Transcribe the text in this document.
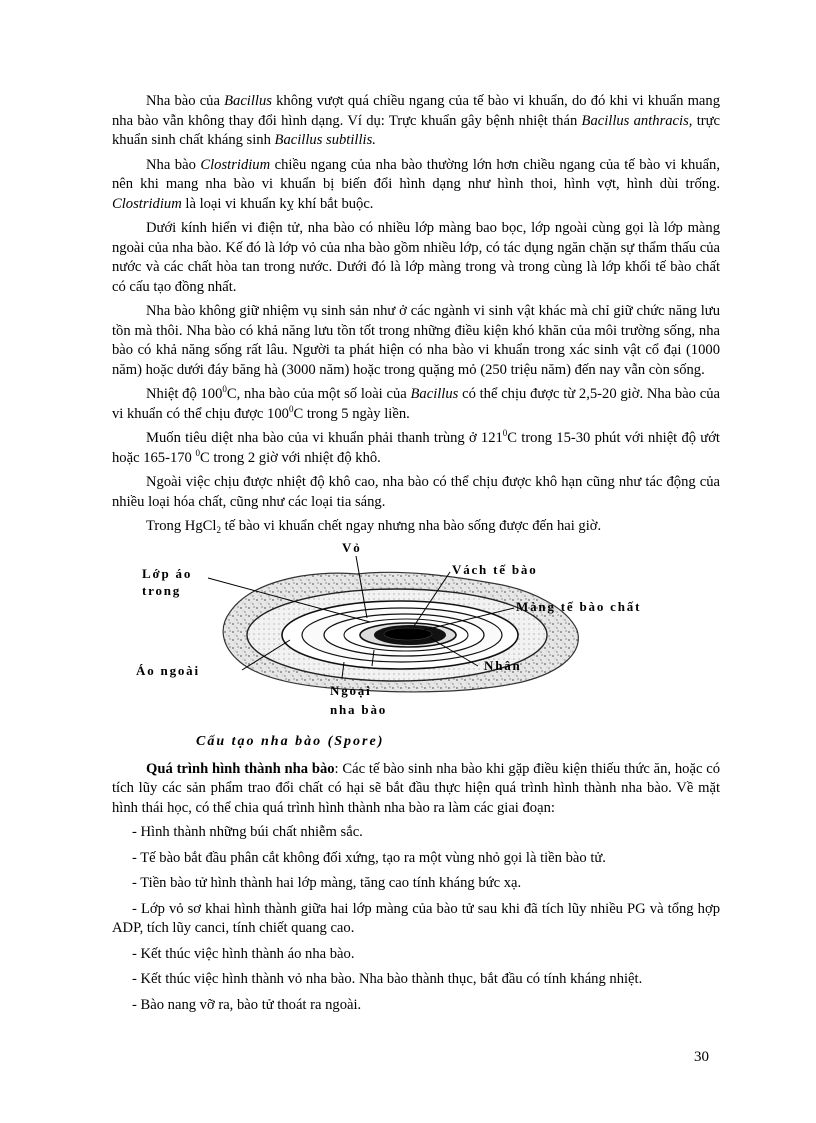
Nha bào của Bacillus không vượt quá chiều ngang của tế bào vi khuẩn, do đó khi vi khuẩn mang nha bào vẫn không thay đổi hình dạng. Ví dụ: Trực khuẩn gây bệnh nhiệt thán Bacillus anthracis, trực khuẩn sinh chất kháng sinh Bacillus subtillis.

Nha bào Clostridium chiều ngang của nha bào thường lớn hơn chiều ngang của tế bào vi khuẩn, nên khi mang nha bào vi khuẩn bị biến đổi hình dạng như hình thoi, hình vợt, hình dùi trống. Clostridium là loại vi khuẩn kỵ khí bắt buộc.

Dưới kính hiển vi điện tử, nha bào có nhiều lớp màng bao bọc, lớp ngoài cùng gọi là lớp màng ngoài của nha bào. Kế đó là lớp vỏ của nha bào gồm nhiều lớp, có tác dụng ngăn chặn sự thẩm thấu của nước và các chất hòa tan trong nước. Dưới đó là lớp màng trong và trong cùng là lớp khối tế bào chất có cấu tạo đồng nhất.

Nha bào không giữ nhiệm vụ sinh sản như ở các ngành vi sinh vật khác mà chỉ giữ chức năng lưu tồn mà thôi. Nha bào có khả năng lưu tồn tốt trong những điều kiện khó khăn của môi trường sống, nha bào có khả năng sống rất lâu. Người ta phát hiện có nha bào vi khuẩn trong xác sinh vật cổ đại (1000 năm) hoặc dưới đáy băng hà (3000 năm) hoặc trong quặng mỏ (250 triệu năm) đến nay vẫn còn sống.

Nhiệt độ $100^0C$, nha bào của một số loài của Bacillus có thể chịu được từ 2,5-20 giờ. Nha bào của vi khuẩn có thể chịu được $100^0C$ trong 5 ngày liền.

Muốn tiêu diệt nha bào của vi khuẩn phải thanh trùng ở $121^0C$ trong 15-30 phút với nhiệt độ ướt hoặc 165-170 $^0$C trong 2 giờ với nhiệt độ khô.

Ngoài việc chịu được nhiệt độ khô cao, nha bào có thể chịu được khô hạn cũng như tác động của nhiều loại hóa chất, cũng như các loại tia sáng.

Trong HgCl$_2$ tế bào vi khuẩn chết ngay nhưng nha bào sống được đến hai giờ.

Vỏ
Lớp áo
trong
Vách tế bào
Màng tế bào chất
Áo ngoài	Nhân
Ngoại
nha bào
Cấu tạo nha bào (Spore)

Quá trình hình thành nha bào: Các tế bào sinh nha bào khi gặp điều kiện thiếu thức ăn, hoặc có tích lũy các sản phẩm trao đổi chất có hại sẽ bắt đầu thực hiện quá trình hình thành nha bào. Về mặt hình thái học, có thể chia quá trình hình thành nha bào ra làm các giai đoạn:

- Hình thành những búi chất nhiễm sắc.

- Tế bào bắt đầu phân cắt không đối xứng, tạo ra một vùng nhỏ gọi là tiền bào tử.

- Tiền bào tử hình thành hai lớp màng, tăng cao tính kháng bức xạ.

- Lớp vỏ sơ khai hình thành giữa hai lớp màng của bào tử sau khi đã tích lũy nhiều PG và tổng hợp ADP, tích lũy canci, tính chiết quang cao.

- Kết thúc việc hình thành áo nha bào.

- Kết thúc việc hình thành vỏ nha bào. Nha bào thành thục, bắt đầu có tính kháng nhiệt.

- Bào nang vỡ ra, bào tử thoát ra ngoài.

30
